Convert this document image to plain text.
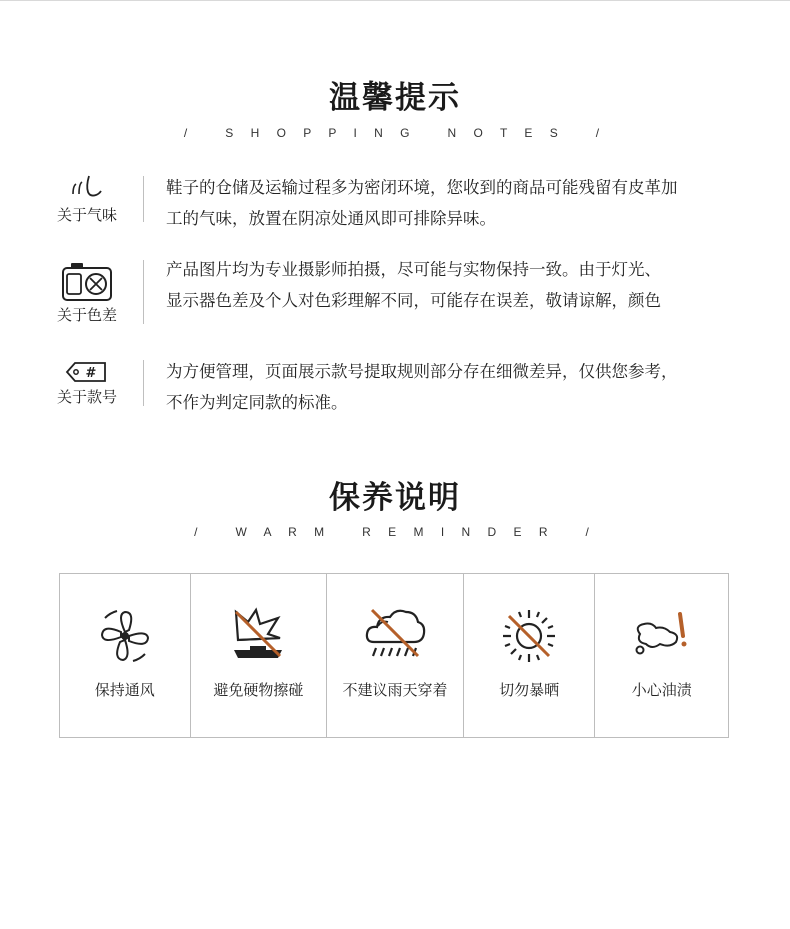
温馨提示
/   S H O P P I N G   N O T E S   /
关于气味
鞋子的仓储及运输过程多为密闭环境，您收到的商品可能残留有皮革加
工的气味，放置在阴凉处通风即可排除异味。
关于色差
产品图片均为专业摄影师拍摄，尽可能与实物保持一致。由于灯光、
显示器色差及个人对色彩理解不同，可能存在误差，敬请谅解，颜色
#
关于款号
为方便管理，页面展示款号提取规则部分存在细微差异，仅供您参考，
不作为判定同款的标准。
保养说明
/   W A R M   R E M I N D E R   /
保持通风	避免硬物擦碰	不建议雨天穿着	切勿暴晒	小心油渍
